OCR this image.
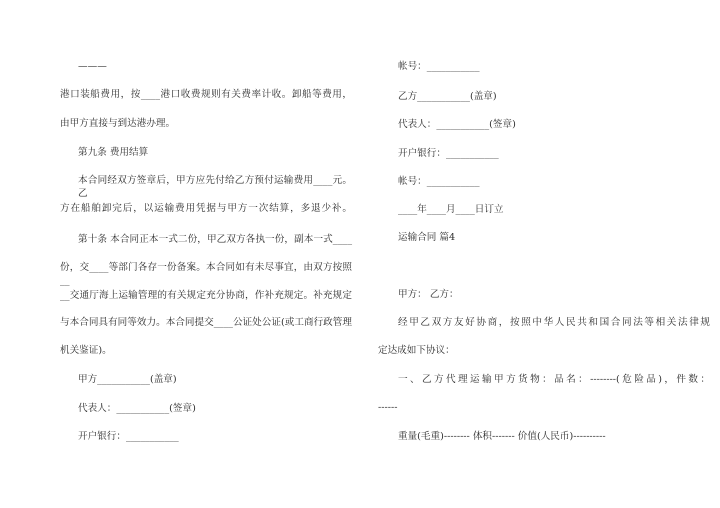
———
港口装船费用，按____港口收费规则有关费率计收。卸船等费用，
由甲方直接与到达港办理。
第九条 费用结算
本合同经双方签章后，甲方应先付给乙方预付运输费用____元。乙
方在船舶卸完后，以运输费用凭据与甲方一次结算，多退少补。
第十条 本合同正本一式二份，甲乙双方各执一份，副本一式____
份，交____等部门各存一份备案。本合同如有未尽事宜，由双方按照__
__交通厅海上运输管理的有关规定充分协商，作补充规定。补充规定
与本合同具有同等效力。本合同提交____公证处公证(或工商行政管理
机关鉴证)。
甲方___________(盖章)
代表人：___________(签章)
开户银行：___________
帐号：___________
乙方___________(盖章)
代表人：___________(签章)
开户银行：___________
帐号：___________
____年____月____日订立
运输合同 篇4
甲方： 乙方：
经甲乙双方友好协商，按照中华人民共和国合同法等相关法律规
定达成如下协议：
一、乙方代理运输甲方货物：品名：--------(危险品)，件数：
------
重量(毛重)-------- 体积------- 价值(人民币)----------
